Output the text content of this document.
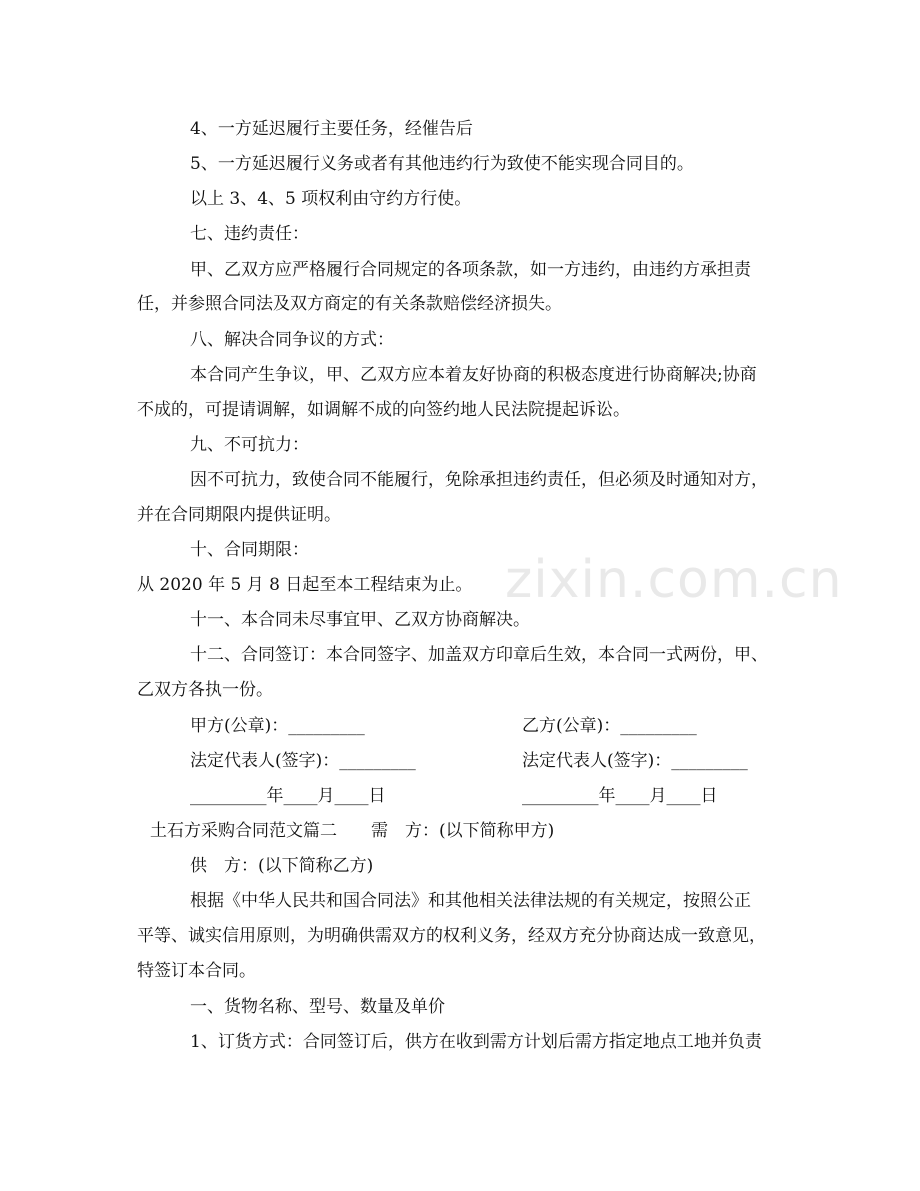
zixin.com.cn
4、一方延迟履行主要任务，经催告后
5、一方延迟履行义务或者有其他违约行为致使不能实现合同目的。
以上 3、4、5 项权利由守约方行使。
七、违约责任：
甲、乙双方应严格履行合同规定的各项条款，如一方违约，由违约方承担责
任，并参照合同法及双方商定的有关条款赔偿经济损失。
八、解决合同争议的方式：
本合同产生争议，甲、乙双方应本着友好协商的积极态度进行协商解决;协商
不成的，可提请调解，如调解不成的向签约地人民法院提起诉讼。
九、不可抗力：
因不可抗力，致使合同不能履行，免除承担违约责任，但必须及时通知对方，
并在合同期限内提供证明。
十、合同期限：
从 2020 年 5 月 8 日起至本工程结束为止。
十一、本合同未尽事宜甲、乙双方协商解决。
十二、合同签订：本合同签字、加盖双方印章后生效，本合同一式两份，甲、
乙双方各执一份。
甲方(公章)：_________	乙方(公章)：_________
法定代表人(签字)：_________	法定代表人(签字)：_________
_________年____月____日	_________年____月____日
土石方采购合同范文篇二　　需　方：(以下简称甲方)
供　方：(以下简称乙方)
根据《中华人民共和国合同法》和其他相关法律法规的有关规定，按照公正
平等、诚实信用原则，为明确供需双方的权利义务，经双方充分协商达成一致意见，
特签订本合同。
一、货物名称、型号、数量及单价
1、订货方式：合同签订后，供方在收到需方计划后需方指定地点工地并负责
